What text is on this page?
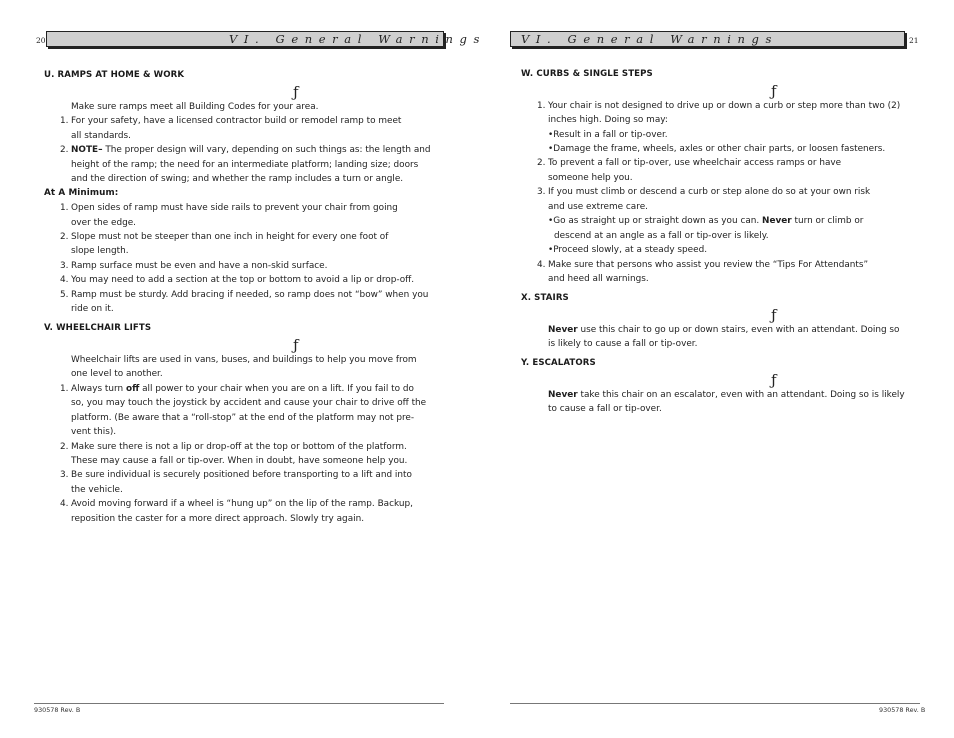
20	VI. General Warnings
U. RAMPS AT HOME & WORK
ƒ
Make sure ramps meet all Building Codes for your area.
1. For your safety, have a licensed contractor build or remodel ramp to meet
all standards.
2. NOTE– The proper design will vary, depending on such things as: the length and
height of the ramp; the need for an intermediate platform; landing size; doors
and the direction of swing; and whether the ramp includes a turn or angle.
At A Minimum:
1. Open sides of ramp must have side rails to prevent your chair from going
over the edge.
2. Slope must not be steeper than one inch in height for every one foot of
slope length.
3. Ramp surface must be even and have a non-skid surface.
4. You may need to add a section at the top or bottom to avoid a lip or drop-off.
5. Ramp must be sturdy. Add bracing if needed, so ramp does not “bow” when you
ride on it.
V. WHEELCHAIR LIFTS
ƒ
Wheelchair lifts are used in vans, buses, and buildings to help you move from
one level to another.
1. Always turn off all power to your chair when you are on a lift. If you fail to do
so, you may touch the joystick by accident and cause your chair to drive off the
platform. (Be aware that a “roll-stop” at the end of the platform may not pre-
vent this).
2. Make sure there is not a lip or drop-off at the top or bottom of the platform.
These may cause a fall or tip-over. When in doubt, have someone help you.
3. Be sure individual is securely positioned before transporting to a lift and into
the vehicle.
4. Avoid moving forward if a wheel is “hung up” on the lip of the ramp. Backup,
reposition the caster for a more direct approach. Slowly try again.
930578 Rev. B
VI. General Warnings	21
W. CURBS & SINGLE STEPS
ƒ
1. Your chair is not designed to drive up or down a curb or step more than two (2)
inches high. Doing so may:
•Result in a fall or tip-over.
•Damage the frame, wheels, axles or other chair parts, or loosen fasteners.
2. To prevent a fall or tip-over, use wheelchair access ramps or have
someone help you.
3. If you must climb or descend a curb or step alone do so at your own risk
and use extreme care.
•Go as straight up or straight down as you can. Never turn or climb or
descend at an angle as a fall or tip-over is likely.
•Proceed slowly, at a steady speed.
4. Make sure that persons who assist you review the “Tips For Attendants”
and heed all warnings.
X. STAIRS
ƒ
Never use this chair to go up or down stairs, even with an attendant. Doing so
is likely to cause a fall or tip-over.
Y. ESCALATORS
ƒ
Never take this chair on an escalator, even with an attendant. Doing so is likely
to cause a fall or tip-over.
930578 Rev. B
